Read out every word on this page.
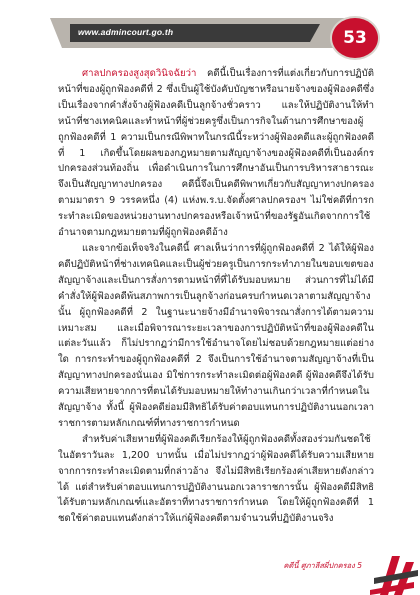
www.admincourt.go.th	53

ศาลปกครองสูงสุดวินิจฉัยว่า คดีนี้เป็นเรื่องการที่แต่งเกี่ยวกับการปฏิบัติหน้าที่ของผู้ถูกฟ้องคดีที่ 2 ซึ่งเป็นผู้ใช้บังคับบัญชาหรือนายจ้างของผู้ฟ้องคดีซึ่งเป็นเรื่องจากคำสั่งจ้างผู้ฟ้องคดีเป็นลูกจ้างชั่วคราว และให้ปฏิบัติงานให้ทำหน้าที่ชางเทคนิคและทำหน้าที่ผู้ช่วยครูซึ่งเป็นการกิจในด้านการศึกษาของผู้ถูกฟ้องคดีที่ 1 ความเป็นกรณีพิพาทในกรณีนี้ระหว่างผู้ฟ้องคดีและผู้ถูกฟ้องคดีที่ 1 เกิดขึ้นโดยผลของกฎหมายตามสัญญาจ้างของผู้ฟ้องคดีที่เป็นองค์กรปกครองส่วนท้องถิ่น เพื่อดำเนินการในการศึกษาอันเป็นการบริหารสาธารณะ จึงเป็นสัญญาทางปกครอง คดีนี้จึงเป็นคดีพิพาทเกี่ยวกับสัญญาทางปกครองตามมาตรา 9 วรรคหนึ่ง (4) แห่งพ.ร.บ.จัดตั้งศาลปกครองฯ ไม่ใช่คดีที่การกระทำละเมิดของหน่วยงานทางปกครองหรือเจ้าหน้าที่ของรัฐอันเกิดจากการใช้อำนาจตามกฎหมายตามที่ผู้ถูกฟ้องคดีอ้าง

และจากข้อเท็จจริงในคดีนี้ ศาลเห็นว่าการที่ผู้ถูกฟ้องคดีที่ 2 ได้ให้ผู้ฟ้องคดีปฏิบัติหน้าที่ช่างเทคนิคและเป็นผู้ช่วยครูเป็นการกระทำภายในขอบเขตของสัญญาจ้างและเป็นการสั่งการตามหน้าที่ที่ได้รับมอบหมาย ส่วนการที่ไม่ได้มีคำสั่งให้ผู้ฟ้องคดีพ้นสภาพการเป็นลูกจ้างก่อนครบกำหนดเวลาตามสัญญาจ้างนั้น ผู้ถูกฟ้องคดีที่ 2 ในฐานะนายจ้างมีอำนาจพิจารณาสั่งการได้ตามความเหมาะสม และเมื่อพิจารณาระยะเวลาของการปฏิบัติหน้าที่ของผู้ฟ้องคดีในแต่ละวันแล้ว ก็ไม่ปรากฏว่ามีการใช้อำนาจโดยไม่ชอบด้วยกฎหมายแต่อย่างใด การกระทำของผู้ถูกฟ้องคดีที่ 2 จึงเป็นการใช้อำนาจตามสัญญาจ้างที่เป็นสัญญาทางปกครองนั่นเอง มิใช่การกระทำละเมิดต่อผู้ฟ้องคดี ผู้ฟ้องคดีจึงได้รับความเสียหายจากการที่ตนได้รับมอบหมายให้ทำงานเกินกว่าเวลาที่กำหนดในสัญญาจ้าง ทั้งนี้ ผู้ฟ้องคดีย่อมมีสิทธิได้รับค่าตอบแทนการปฏิบัติงานนอกเวลาราชการตามหลักเกณฑ์ที่ทางราชการกำหนด

สำหรับค่าเสียหายที่ผู้ฟ้องคดีเรียกร้องให้ผู้ถูกฟ้องคดีทั้งสองร่วมกันชดใช้ในอัตราวันละ 1,200 บาทนั้น เมื่อไม่ปรากฏว่าผู้ฟ้องคดีได้รับความเสียหายจากการกระทำละเมิดตามที่กล่าวอ้าง จึงไม่มีสิทธิเรียกร้องค่าเสียหายดังกล่าวได้ แต่สำหรับค่าตอบแทนการปฏิบัติงานนอกเวลาราชการนั้น ผู้ฟ้องคดีมีสิทธิได้รับตามหลักเกณฑ์และอัตราที่ทางราชการกำหนด โดยให้ผู้ถูกฟ้องคดีที่ 1 ชดใช้ค่าตอบแทนดังกล่าวให้แก่ผู้ฟ้องคดีตามจำนวนที่ปฏิบัติงานจริง

คดีนี้ ศูภาลีสผี่ปกครอง 5
